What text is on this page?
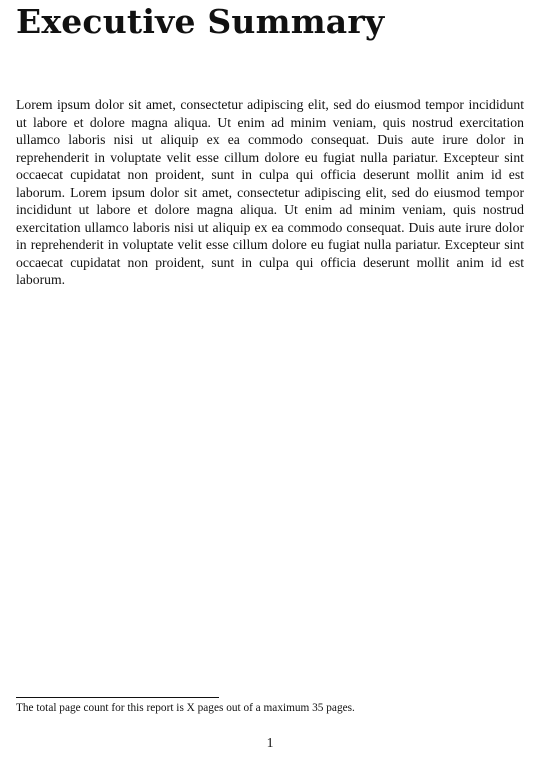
Executive Summary

Lorem ipsum dolor sit amet, consectetur adipiscing elit, sed do eiusmod tempor incididunt ut labore et dolore magna aliqua. Ut enim ad minim veniam, quis nostrud exercitation ullamco laboris nisi ut aliquip ex ea commodo consequat. Duis aute irure dolor in reprehenderit in voluptate velit esse cillum dolore eu fugiat nulla pariatur. Excepteur sint occaecat cupidatat non proident, sunt in culpa qui officia deserunt mollit anim id est laborum. Lorem ipsum dolor sit amet, consectetur adipiscing elit, sed do eiusmod tempor incididunt ut labore et dolore magna aliqua. Ut enim ad minim veniam, quis nostrud exercitation ullamco laboris nisi ut aliquip ex ea commodo consequat. Duis aute irure dolor in reprehenderit in voluptate velit esse cillum dolore eu fugiat nulla pariatur. Excepteur sint occaecat cupidatat non proident, sunt in culpa qui officia deserunt mollit anim id est laborum.

The total page count for this report is X pages out of a maximum 35 pages.

1
